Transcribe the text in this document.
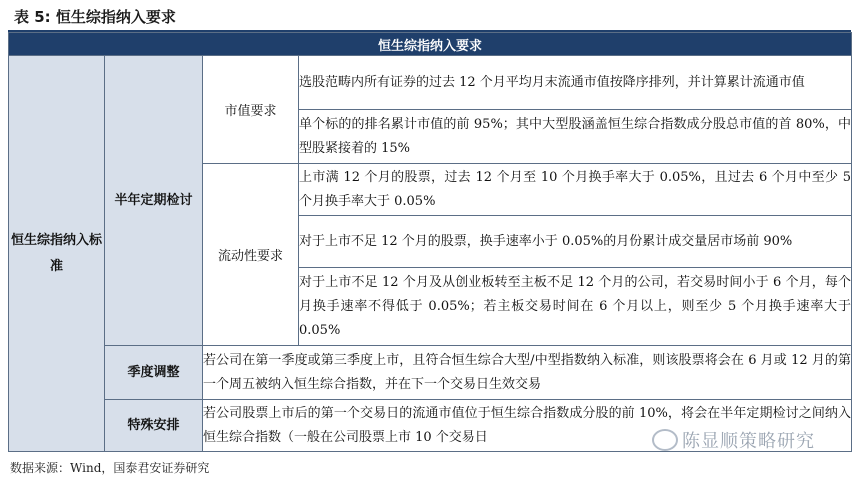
表 5: 恒生综指纳入要求
恒生综指纳入要求			
恒生综指纳入标准	半年定期检讨	市值要求	选股范畴内所有证券的过去 12 个月平均月末流通市值按降序排列，并计算累计流通市值
			单个标的的排名累计市值的前 95%；其中大型股涵盖恒生综合指数成分股总市值的首 80%，中型股紧接着的 15%
		流动性要求	上市满 12 个月的股票，过去 12 个月至 10 个月换手率大于 0.05%，且过去 6 个月中至少 5 个月换手率大于 0.05%
			对于上市不足 12 个月的股票，换手速率小于 0.05%的月份累计成交量居市场前 90%
			对于上市不足 12 个月及从创业板转至主板不足 12 个月的公司，若交易时间小于 6 个月，每个月换手速率不得低于 0.05%；若主板交易时间在 6 个月以上，则至少 5 个月换手速率大于 0.05%
	季度调整	若公司在第一季度或第三季度上市，且符合恒生综合大型/中型指数纳入标准，则该股票将会在 6 月或 12 月的第一个周五被纳入恒生综合指数，并在下一个交易日生效交易	
	特殊安排	若公司股票上市后的第一个交易日的流通市值位于恒生综合指数成分股的前 10%，将会在半年定期检讨之间纳入恒生综合指数（一般在公司股票上市 10 个交易日		陈显顺策略研究
数据来源：Wind，国泰君安证券研究
